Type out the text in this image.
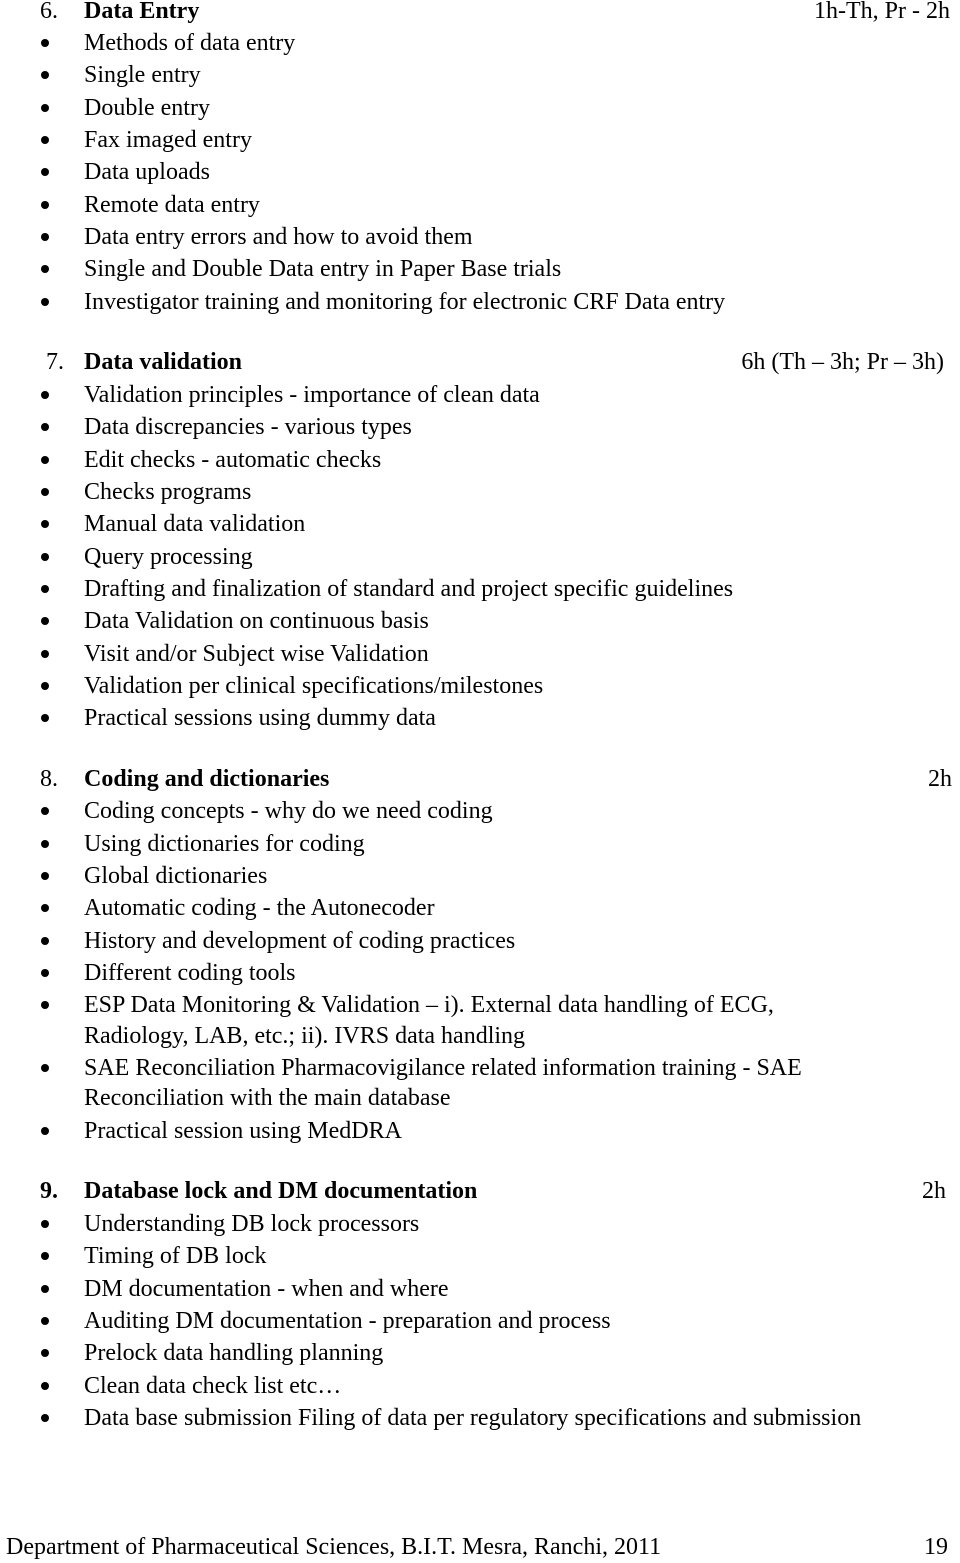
6. Data Entry	1h-Th, Pr - 2h
Methods of data entry
Single entry
Double entry
Fax imaged entry
Data uploads
Remote data entry
Data entry errors and how to avoid them
Single and Double Data entry in Paper Base trials
Investigator training and monitoring for electronic CRF Data entry
7. Data validation	6h (Th – 3h; Pr – 3h)
Validation principles - importance of clean data
Data discrepancies - various types
Edit checks - automatic checks
Checks programs
Manual data validation
Query processing
Drafting and finalization of standard and project specific guidelines
Data Validation on continuous basis
Visit and/or Subject wise Validation
Validation per clinical specifications/milestones
Practical sessions using dummy data
8. Coding and dictionaries	2h
Coding concepts - why do we need coding
Using dictionaries for coding
Global dictionaries
Automatic coding - the Autonecoder
History and development of coding practices
Different coding tools
ESP Data Monitoring & Validation – i). External data handling of ECG,
Radiology, LAB, etc.; ii). IVRS data handling
SAE Reconciliation Pharmacovigilance related information training - SAE
Reconciliation with the main database
Practical session using MedDRA
9. Database lock and DM documentation	2h
Understanding DB lock processors
Timing of DB lock
DM documentation - when and where
Auditing DM documentation - preparation and process
Prelock data handling planning
Clean data check list etc…
Data base submission Filing of data per regulatory specifications and submission
Department of Pharmaceutical Sciences, B.I.T. Mesra, Ranchi, 2011	19
